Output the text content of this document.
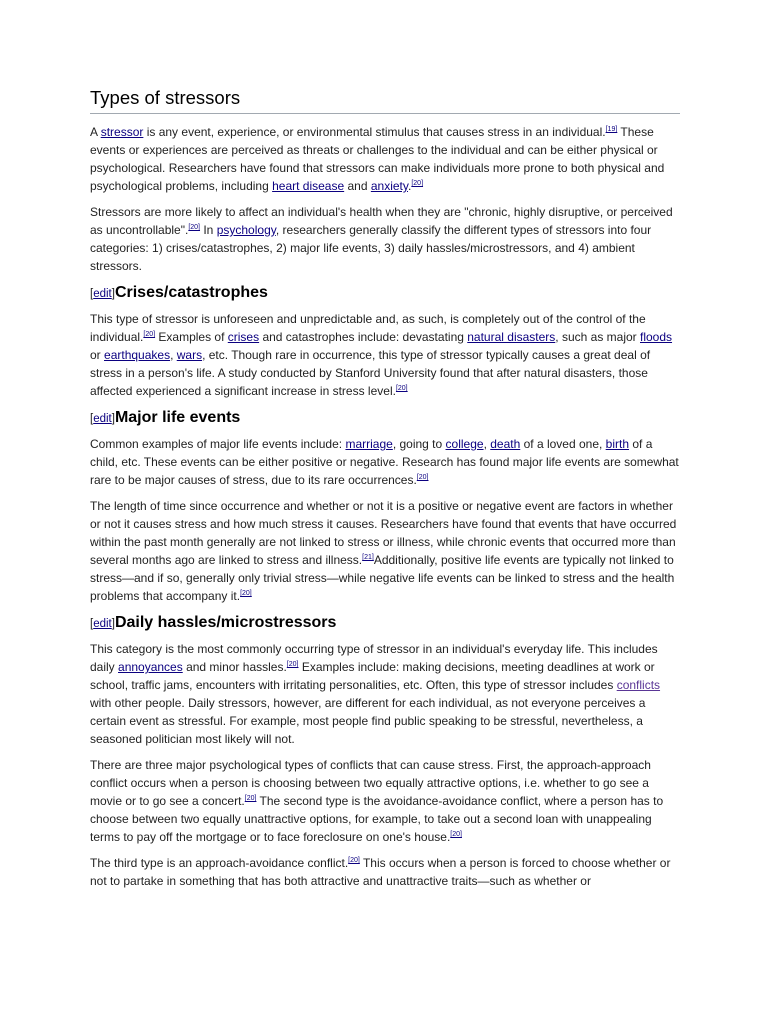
Types of stressors

A stressor is any event, experience, or environmental stimulus that causes stress in an individual.[19] These events or experiences are perceived as threats or challenges to the individual and can be either physical or psychological. Researchers have found that stressors can make individuals more prone to both physical and psychological problems, including heart disease and anxiety.[20]

Stressors are more likely to affect an individual's health when they are "chronic, highly disruptive, or perceived as uncontrollable".[20] In psychology, researchers generally classify the different types of stressors into four categories: 1) crises/catastrophes, 2) major life events, 3) daily hassles/microstressors, and 4) ambient stressors.

[edit]Crises/catastrophes

This type of stressor is unforeseen and unpredictable and, as such, is completely out of the control of the individual.[20] Examples of crises and catastrophes include: devastating natural disasters, such as major floods or earthquakes, wars, etc. Though rare in occurrence, this type of stressor typically causes a great deal of stress in a person's life. A study conducted by Stanford University found that after natural disasters, those affected experienced a significant increase in stress level.[20]

[edit]Major life events

Common examples of major life events include: marriage, going to college, death of a loved one, birth of a child, etc. These events can be either positive or negative. Research has found major life events are somewhat rare to be major causes of stress, due to its rare occurrences.[20]

The length of time since occurrence and whether or not it is a positive or negative event are factors in whether or not it causes stress and how much stress it causes. Researchers have found that events that have occurred within the past month generally are not linked to stress or illness, while chronic events that occurred more than several months ago are linked to stress and illness.[21]Additionally, positive life events are typically not linked to stress—and if so, generally only trivial stress—while negative life events can be linked to stress and the health problems that accompany it.[20]

[edit]Daily hassles/microstressors

This category is the most commonly occurring type of stressor in an individual's everyday life. This includes daily annoyances and minor hassles.[20] Examples include: making decisions, meeting deadlines at work or school, traffic jams, encounters with irritating personalities, etc. Often, this type of stressor includes conflicts with other people. Daily stressors, however, are different for each individual, as not everyone perceives a certain event as stressful. For example, most people find public speaking to be stressful, nevertheless, a seasoned politician most likely will not.

There are three major psychological types of conflicts that can cause stress. First, the approach-approach conflict occurs when a person is choosing between two equally attractive options, i.e. whether to go see a movie or to go see a concert.[20] The second type is the avoidance-avoidance conflict, where a person has to choose between two equally unattractive options, for example, to take out a second loan with unappealing terms to pay off the mortgage or to face foreclosure on one's house.[20]

The third type is an approach-avoidance conflict.[20] This occurs when a person is forced to choose whether or not to partake in something that has both attractive and unattractive traits—such as whether or
